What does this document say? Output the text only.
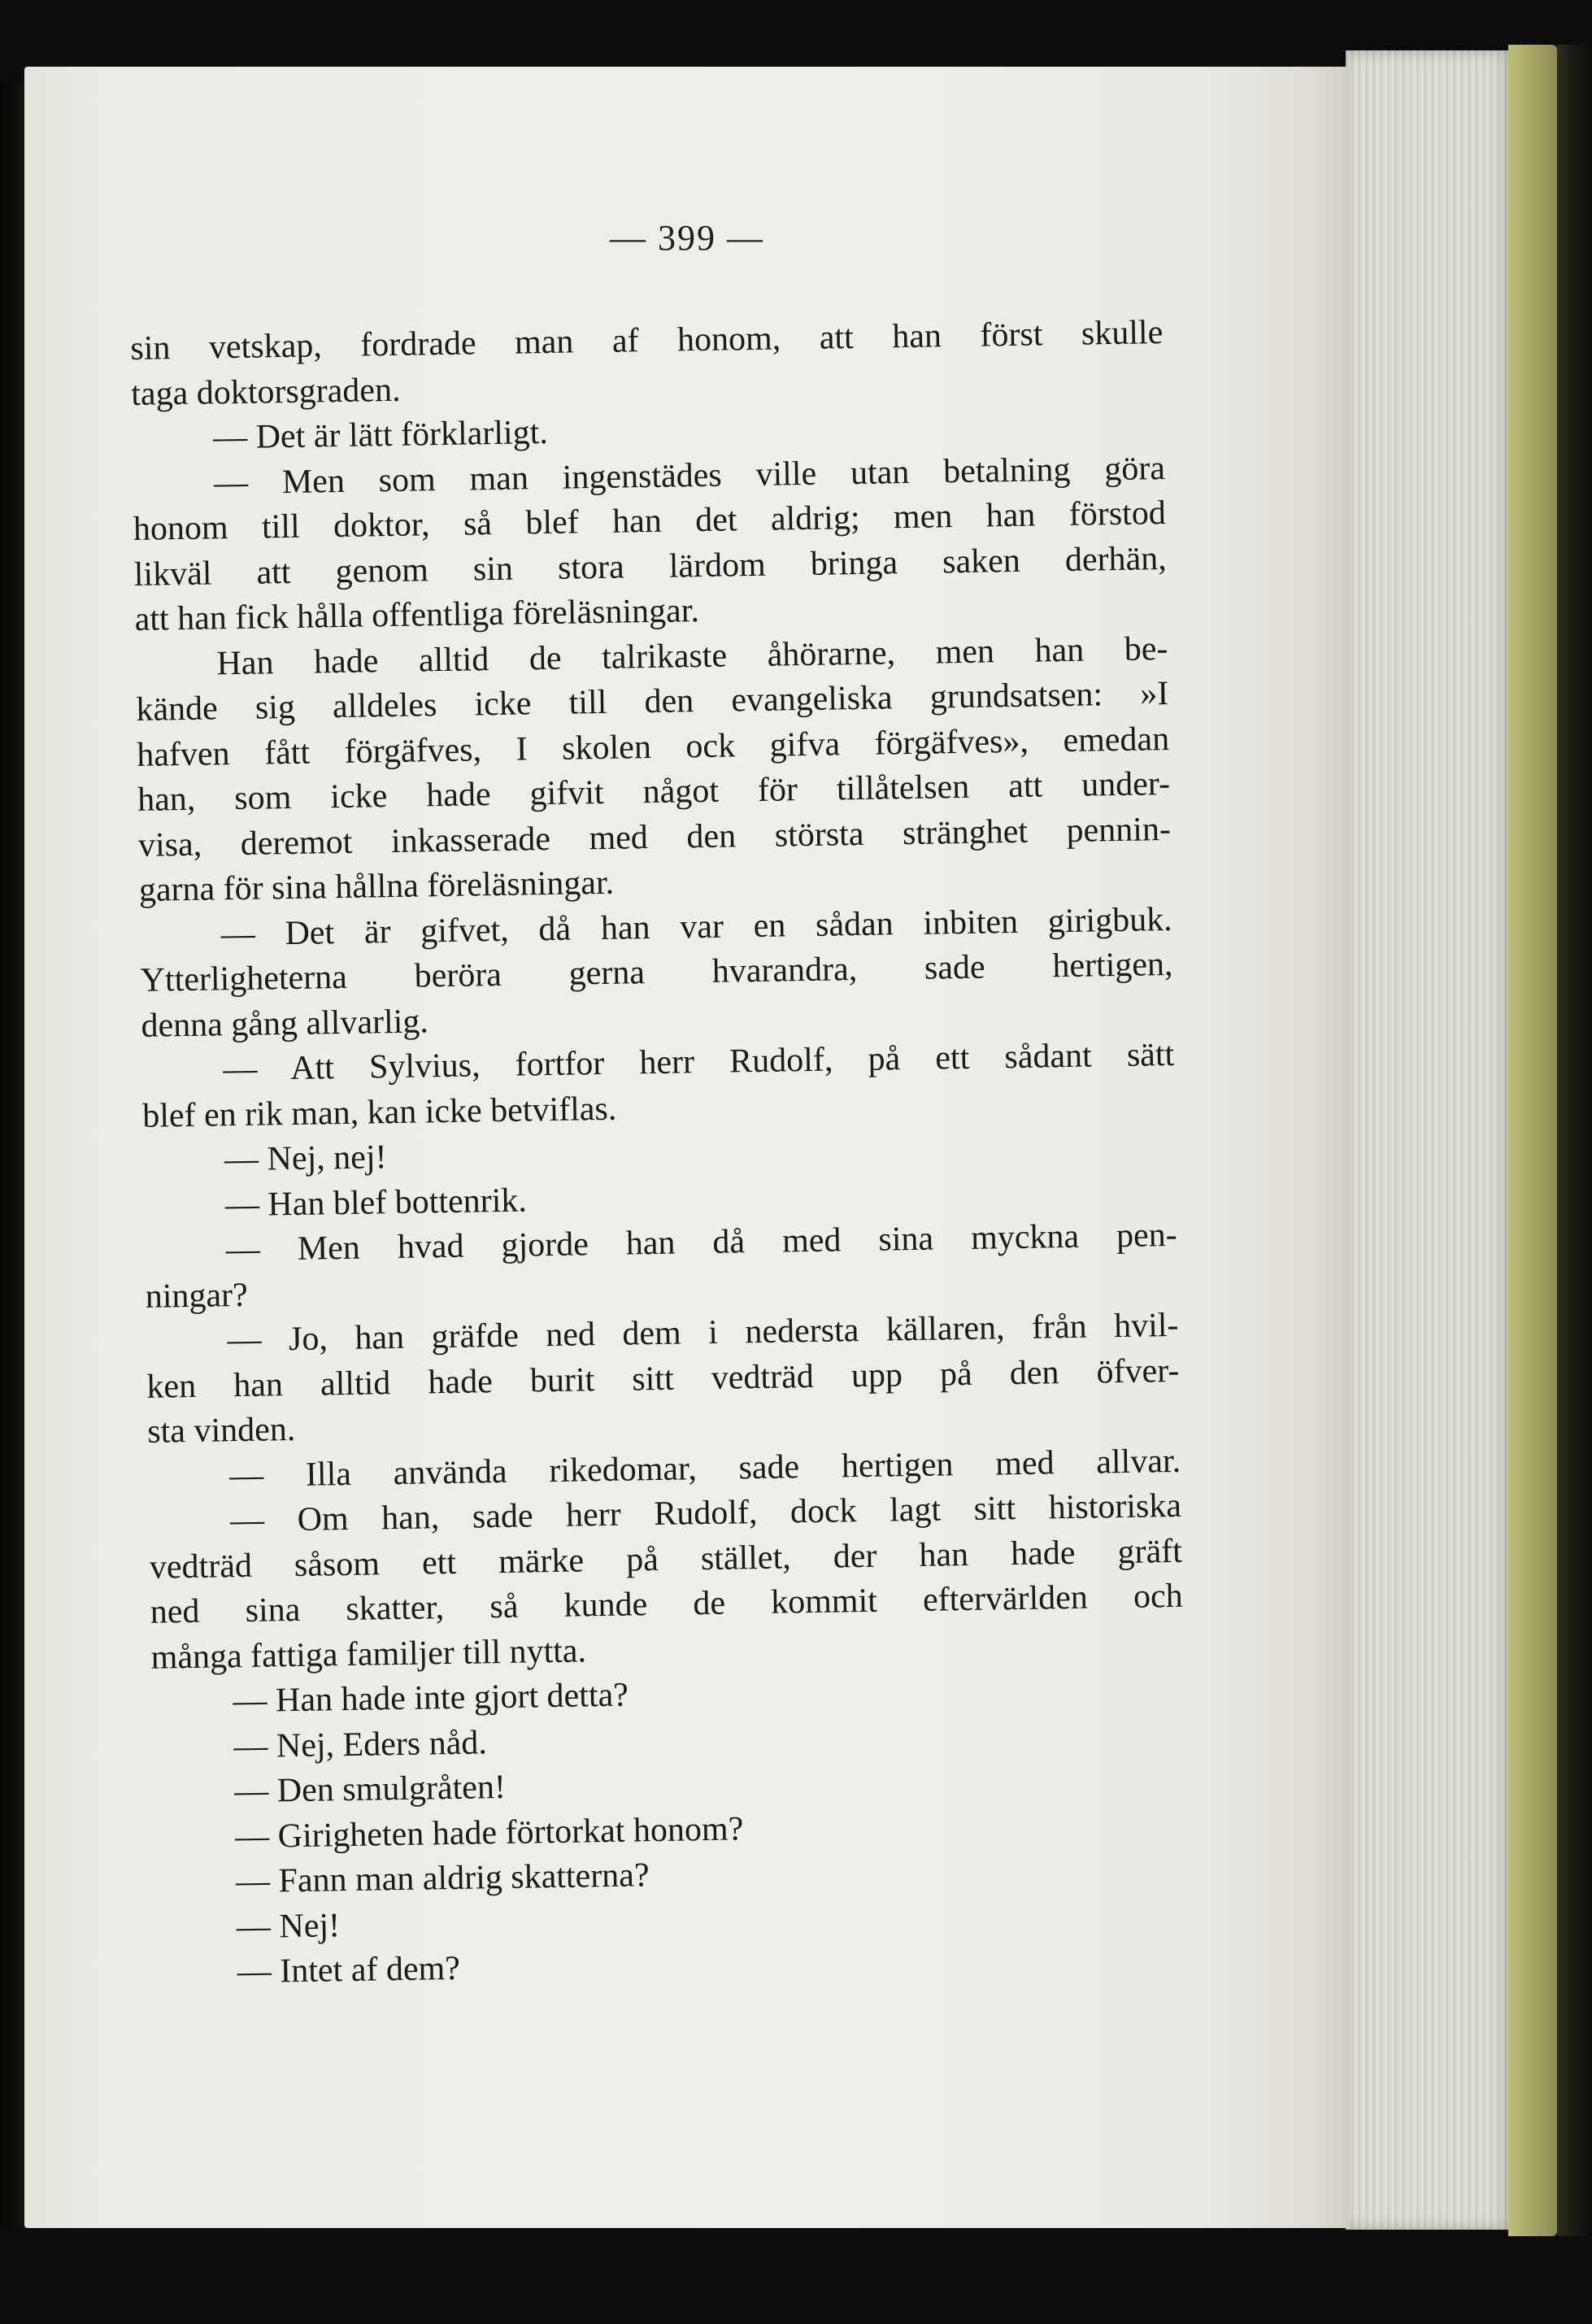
— 399 —
sin vetskap, fordrade man af honom, att han först skulle
taga doktorsgraden.
— Det är lätt förklarligt.
— Men som man ingenstädes ville utan betalning göra
honom till doktor, så blef han det aldrig; men han förstod
likväl att genom sin stora lärdom bringa saken derhän,
att han fick hålla offentliga föreläsningar.
Han hade alltid de talrikaste åhörarne, men han be-
kände sig alldeles icke till den evangeliska grundsatsen: »I
hafven fått förgäfves, I skolen ock gifva förgäfves», emedan
han, som icke hade gifvit något för tillåtelsen att under-
visa, deremot inkasserade med den största stränghet pennin-
garna för sina hållna föreläsningar.
— Det är gifvet, då han var en sådan inbiten girigbuk.
Ytterligheterna beröra gerna hvarandra, sade hertigen,
denna gång allvarlig.
— Att Sylvius, fortfor herr Rudolf, på ett sådant sätt
blef en rik man, kan icke betviflas.
— Nej, nej!
— Han blef bottenrik.
— Men hvad gjorde han då med sina myckna pen-
ningar?
— Jo, han gräfde ned dem i nedersta källaren, från hvil-
ken han alltid hade burit sitt vedträd upp på den öfver-
sta vinden.
— Illa använda rikedomar, sade hertigen med allvar.
— Om han, sade herr Rudolf, dock lagt sitt historiska
vedträd såsom ett märke på stället, der han hade gräft
ned sina skatter, så kunde de kommit eftervärlden och
många fattiga familjer till nytta.
— Han hade inte gjort detta?
— Nej, Eders nåd.
— Den smulgråten!
— Girigheten hade förtorkat honom?
— Fann man aldrig skatterna?
— Nej!
— Intet af dem?
